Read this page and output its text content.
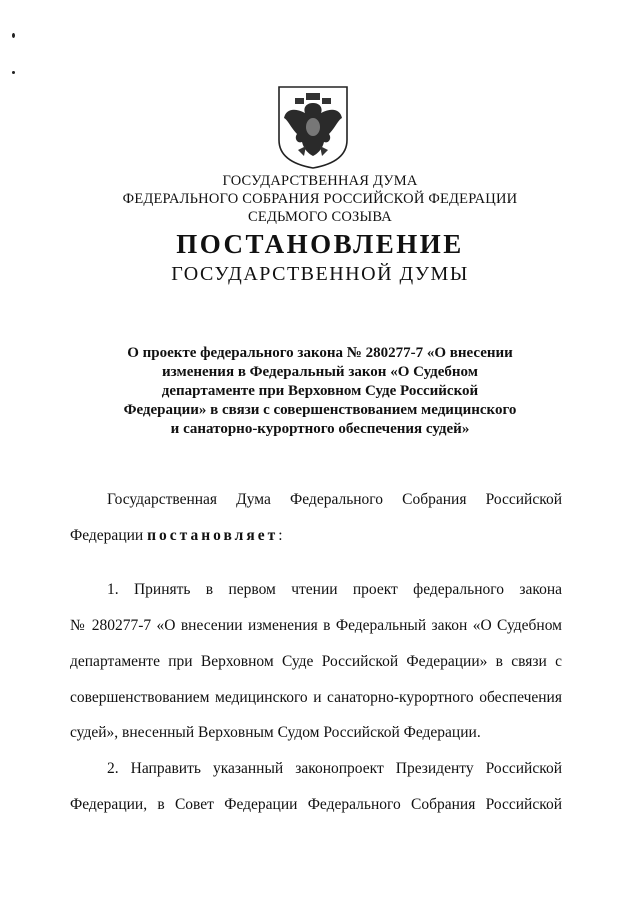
ГОСУДАРСТВЕННАЯ ДУМА
ФЕДЕРАЛЬНОГО СОБРАНИЯ РОССИЙСКОЙ ФЕДЕРАЦИИ
СЕДЬМОГО СОЗЫВА
ПОСТАНОВЛЕНИЕ
ГОСУДАРСТВЕННОЙ ДУМЫ
О проекте федерального закона № 280277-7 «О внесении
изменения в Федеральный закон «О Судебном
департаменте при Верховном Суде Российской
Федерации» в связи с совершенствованием медицинского
и санаторно-курортного обеспечения судей»
Государственная Дума Федерального Собрания Российской
Федерации постановляет:
1. Принять в первом чтении проект федерального закона
№ 280277-7 «О внесении изменения в Федеральный закон «О Судебном
департаменте при Верховном Суде Российской Федерации» в связи с
совершенствованием медицинского и санаторно-курортного обеспечения
судей», внесенный Верховным Судом Российской Федерации.
2. Направить указанный законопроект Президенту Российской
Федерации, в Совет Федерации Федерального Собрания Российской
